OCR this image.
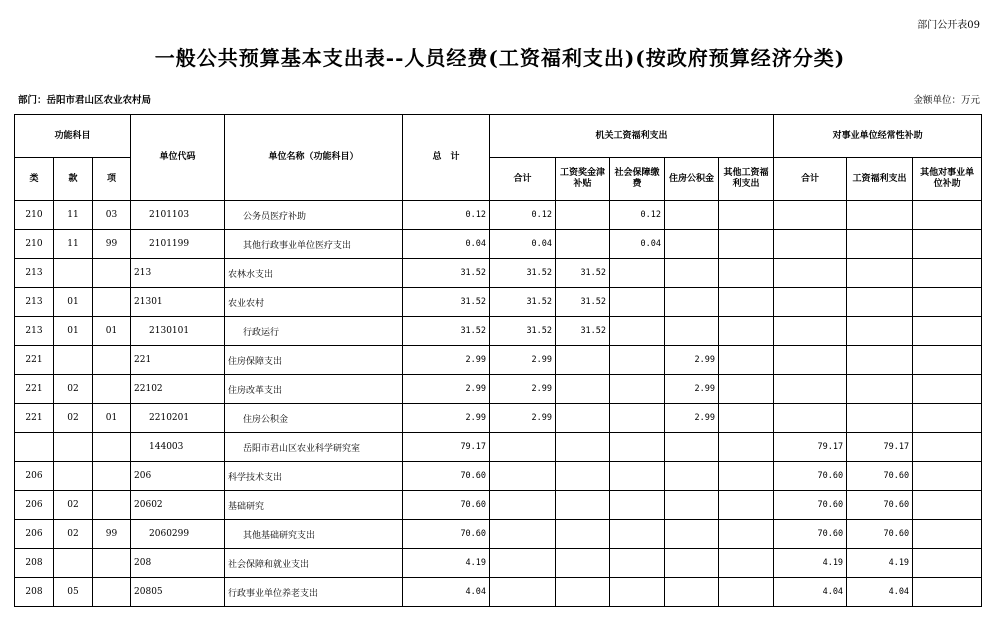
部门公开表09
一般公共预算基本支出表--人员经费(工资福利支出)(按政府预算经济分类)
部门：岳阳市君山区农业农村局	金额单位：万元
功能科目			单位代码	单位名称（功能科目）	总　计	机关工资福利支出					对事业单位经常性补助		
类	款	项				合计	工资奖金津补贴	社会保障缴费	住房公积金	其他工资福利支出	合计	工资福利支出	其他对事业单位补助
210	11	03	2101103	公务员医疗补助	0.12	0.12		0.12					
210	11	99	2101199	其他行政事业单位医疗支出	0.04	0.04		0.04					
213			213	农林水支出	31.52	31.52	31.52						
213	01		21301	农业农村	31.52	31.52	31.52						
213	01	01	2130101	行政运行	31.52	31.52	31.52						
221			221	住房保障支出	2.99	2.99			2.99				
221	02		22102	住房改革支出	2.99	2.99			2.99				
221	02	01	2210201	住房公积金	2.99	2.99			2.99				
			144003	岳阳市君山区农业科学研究室	79.17						79.17	79.17	
206			206	科学技术支出	70.60						70.60	70.60	
206	02		20602	基础研究	70.60						70.60	70.60	
206	02	99	2060299	其他基础研究支出	70.60						70.60	70.60	
208			208	社会保障和就业支出	4.19						4.19	4.19	
208	05		20805	行政事业单位养老支出	4.04						4.04	4.04	
